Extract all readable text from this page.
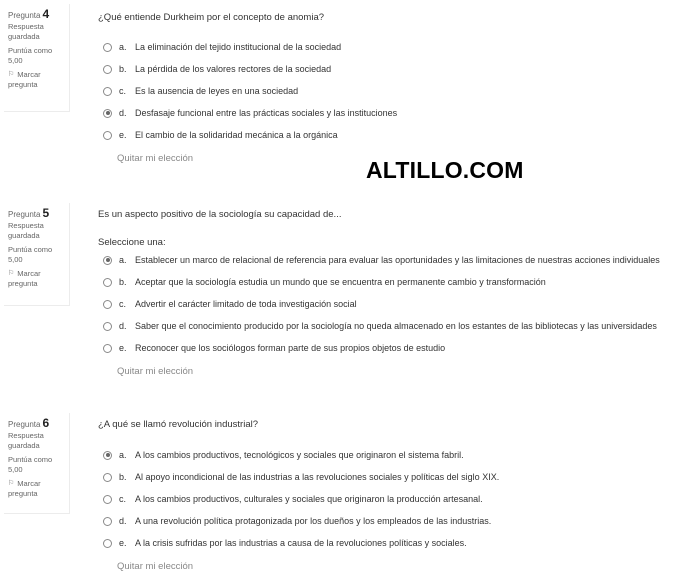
Pregunta 4
Respuesta
guardada
Puntúa como
5,00
⚐ Marcar
pregunta
¿Qué entiende Durkheim por el concepto de anomia?
a. La eliminación del tejido institucional de la sociedad
b. La pérdida de los valores rectores de la sociedad
c. Es la ausencia de leyes en una sociedad
d. Desfasaje funcional entre las prácticas sociales y las instituciones
e. El cambio de la solidaridad mecánica a la orgánica
Quitar mi elección
Pregunta 5
Respuesta
guardada
Puntúa como
5,00
⚐ Marcar
pregunta
Es un aspecto positivo de la sociología su capacidad de...
Seleccione una:
a. Establecer un marco de relacional de referencia para evaluar las oportunidades y las limitaciones de nuestras acciones individuales
b. Aceptar que la sociología estudia un mundo que se encuentra en permanente cambio y transformación
c. Advertir el carácter limitado de toda investigación social
d. Saber que el conocimiento producido por la sociología no queda almacenado en los estantes de las bibliotecas y las universidades
e. Reconocer que los sociólogos forman parte de sus propios objetos de estudio
Quitar mi elección
Pregunta 6
Respuesta
guardada
Puntúa como
5,00
⚐ Marcar
pregunta
¿A qué se llamó revolución industrial?
a. A los cambios productivos, tecnológicos y sociales que originaron el sistema fabril.
b. Al apoyo incondicional de las industrias a las revoluciones sociales y políticas del siglo XIX.
c. A los cambios productivos, culturales y sociales que originaron la producción artesanal.
d. A una revolución política protagonizada por los dueños y los empleados de las industrias.
e. A la crisis sufridas por las industrias a causa de la revoluciones políticas y sociales.
Quitar mi elección
ALTILLO.COM
